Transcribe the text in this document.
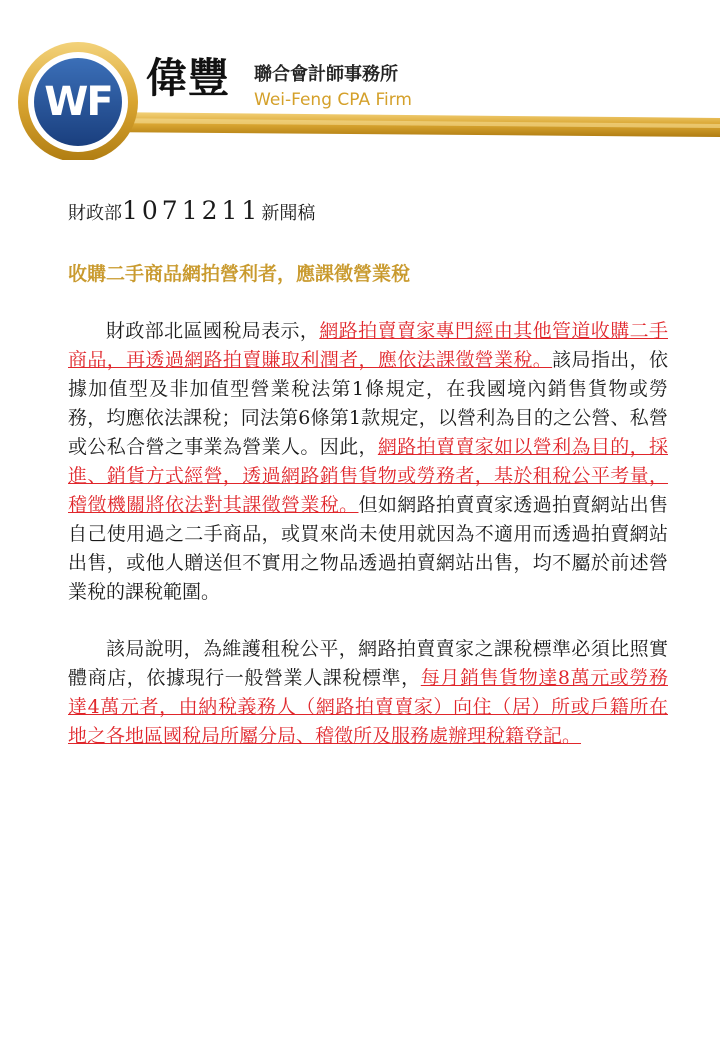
WF 偉豐 聯合會計師事務所
Wei-Feng CPA Firm

財政部1071211新聞稿

收購二手商品網拍營利者，應課徵營業稅

財政部北區國稅局表示，網路拍賣賣家專門經由其他管道收購二手商品，再透過網路拍賣賺取利潤者，應依法課徵營業稅。該局指出，依據加值型及非加值型營業稅法第1條規定，在我國境內銷售貨物或勞務，均應依法課稅；同法第6條第1款規定，以營利為目的之公營、私營或公私合營之事業為營業人。因此，網路拍賣賣家如以營利為目的，採進、銷貨方式經營，透過網路銷售貨物或勞務者，基於租稅公平考量，稽徵機關將依法對其課徵營業稅。但如網路拍賣賣家透過拍賣網站出售自己使用過之二手商品，或買來尚未使用就因為不適用而透過拍賣網站出售，或他人贈送但不實用之物品透過拍賣網站出售，均不屬於前述營業稅的課稅範圍。

該局說明，為維護租稅公平，網路拍賣賣家之課稅標準必須比照實體商店，依據現行一般營業人課稅標準，每月銷售貨物達8萬元或勞務達4萬元者，由納稅義務人（網路拍賣賣家）向住（居）所或戶籍所在地之各地區國稅局所屬分局、稽徵所及服務處辦理稅籍登記。
